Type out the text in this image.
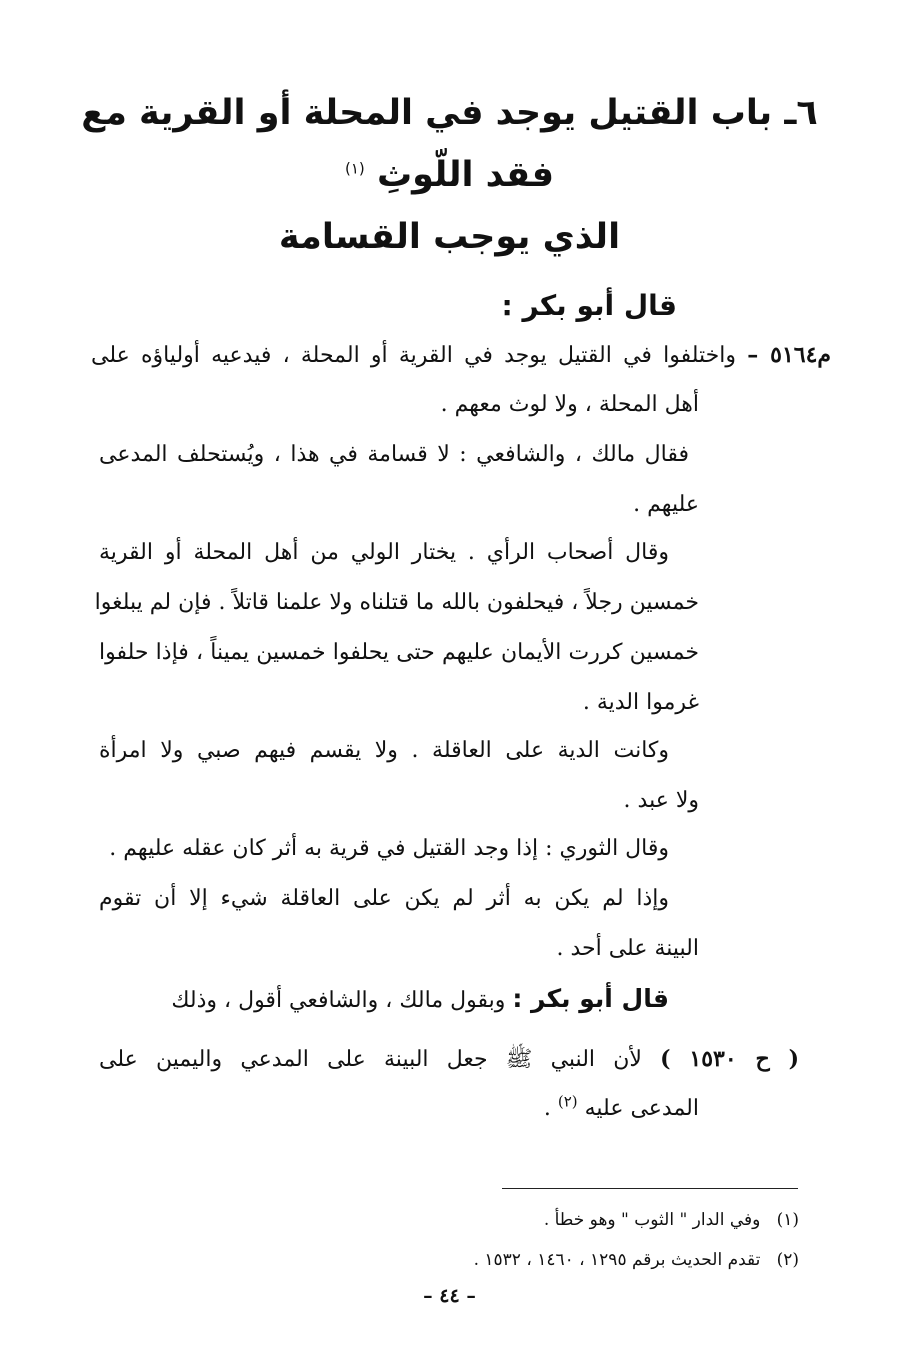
٦ـ باب القتيل يوجد في المحلة أو القرية مع فقد اللّوثِ $^{(١)}$
الذي يوجب القسامة
قال أبو بكر :
م٥١٦٤ – واختلفوا في القتيل يوجد في القرية أو المحلة ، فيدعيه أولياؤه على
أهل المحلة ، ولا لوث معهم .
فقال مالك ، والشافعي : لا قسامة في هذا ، ويُستحلف المدعى
عليهم .
وقال أصحاب الرأي . يختار الولي من أهل المحلة أو القرية
خمسين رجلاً ، فيحلفون بالله ما قتلناه ولا علمنا قاتلاً . فإن لم يبلغوا
خمسين كررت الأيمان عليهم حتى يحلفوا خمسين يميناً ، فإذا حلفوا
غرموا الدية .
وكانت الدية على العاقلة . ولا يقسم فيهم صبي ولا امرأة
ولا عبد .
وقال الثوري : إذا وجد القتيل في قرية به أثر كان عقله عليهم .
وإذا لم يكن به أثر لم يكن على العاقلة شيء إلا أن تقوم
البينة على أحد .
قال أبو بكر : وبقول مالك ، والشافعي أقول ، وذلك
( ح ١٥٣٠ ) لأن النبي ﷺ جعل البينة على المدعي واليمين على
المدعى عليه $^{(٢)}$ .
(١)   وفي الدار " الثوب " وهو خطأ .
(٢)   تقدم الحديث برقم ١٢٩٥ ، ١٤٦٠ ، ١٥٣٢ .
– ٤٤ –
